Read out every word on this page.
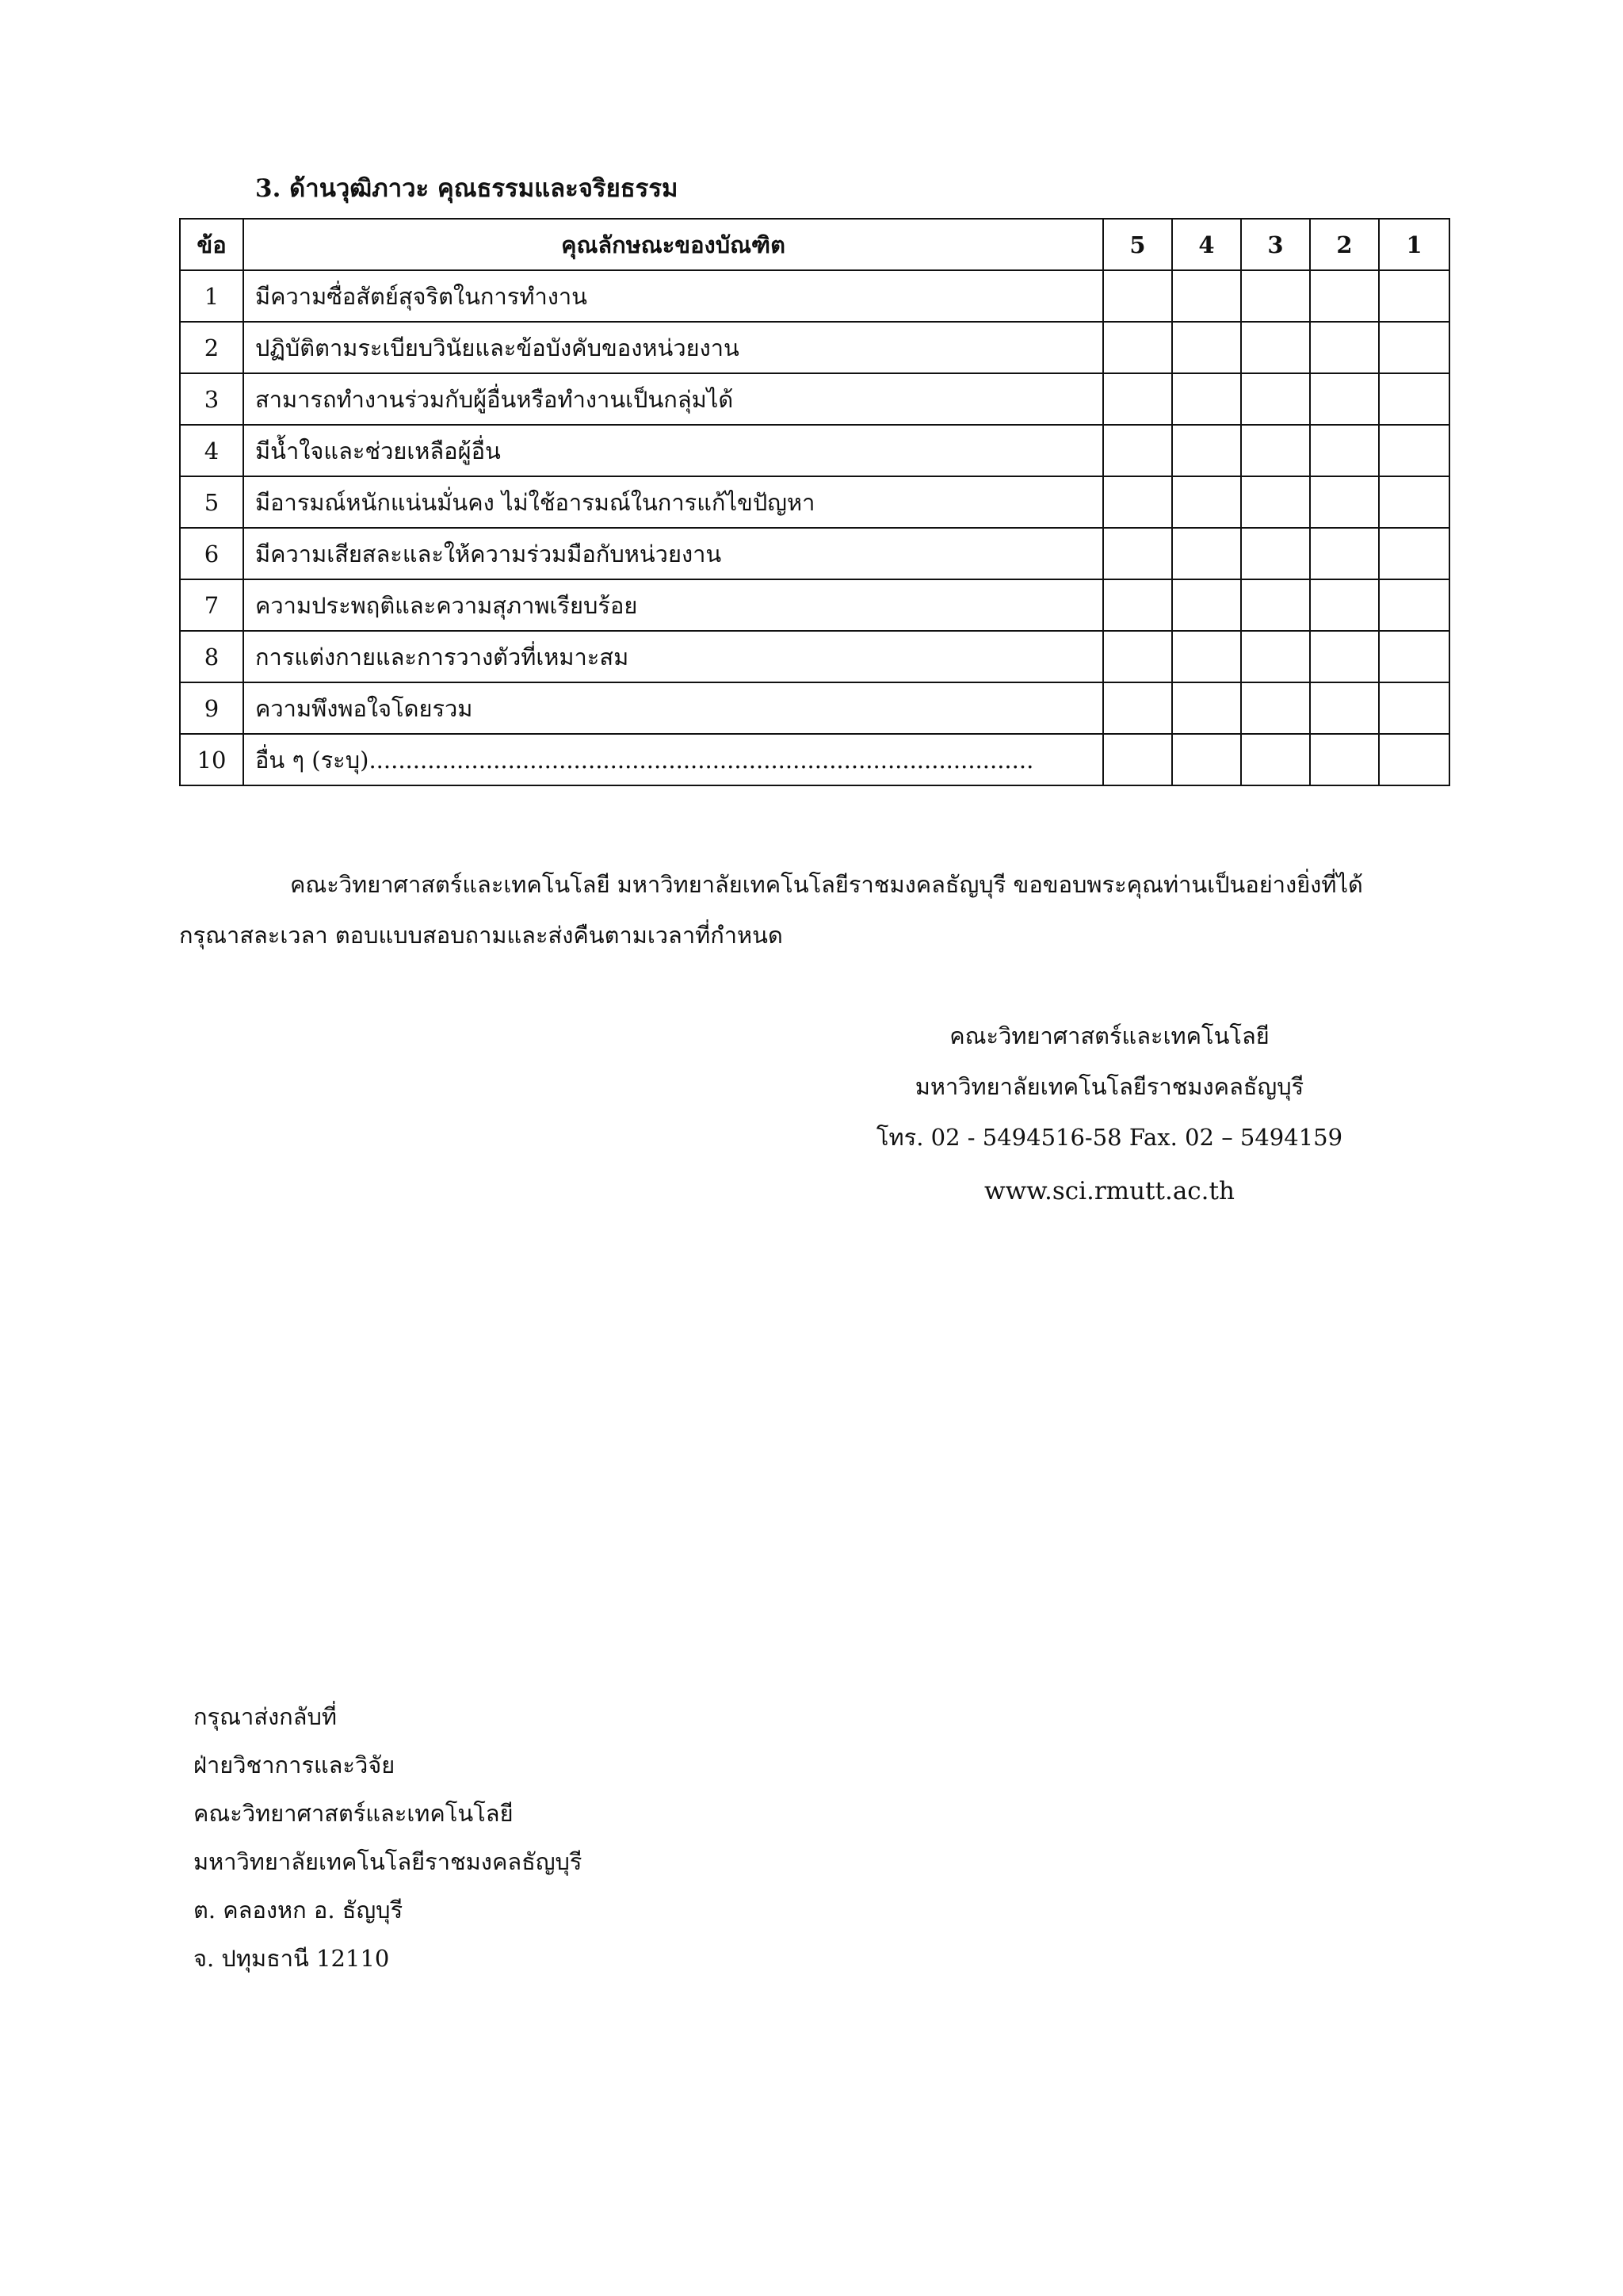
3. ด้านวุฒิภาวะ คุณธรรมและจริยธรรม
ข้อ	คุณลักษณะของบัณฑิต	5	4	3	2	1
1	มีความซื่อสัตย์สุจริตในการทำงาน					
2	ปฏิบัติตามระเบียบวินัยและข้อบังคับของหน่วยงาน					
3	สามารถทำงานร่วมกับผู้อื่นหรือทำงานเป็นกลุ่มได้					
4	มีน้ำใจและช่วยเหลือผู้อื่น					
5	มีอารมณ์หนักแน่นมั่นคง ไม่ใช้อารมณ์ในการแก้ไขปัญหา					
6	มีความเสียสละและให้ความร่วมมือกับหน่วยงาน					
7	ความประพฤติและความสุภาพเรียบร้อย					
8	การแต่งกายและการวางตัวที่เหมาะสม					
9	ความพึงพอใจโดยรวม					
10	อื่น ๆ (ระบุ)...........................................................................................					
คณะวิทยาศาสตร์และเทคโนโลยี มหาวิทยาลัยเทคโนโลยีราชมงคลธัญบุรี ขอขอบพระคุณท่านเป็นอย่างยิ่งที่ได้
กรุณาสละเวลา ตอบแบบสอบถามและส่งคืนตามเวลาที่กำหนด
คณะวิทยาศาสตร์และเทคโนโลยี
มหาวิทยาลัยเทคโนโลยีราชมงคลธัญบุรี
โทร. 02 - 5494516-58 Fax. 02 – 5494159
www.sci.rmutt.ac.th
กรุณาส่งกลับที่
ฝ่ายวิชาการและวิจัย
คณะวิทยาศาสตร์และเทคโนโลยี
มหาวิทยาลัยเทคโนโลยีราชมงคลธัญบุรี
ต. คลองหก อ. ธัญบุรี
จ. ปทุมธานี 12110
